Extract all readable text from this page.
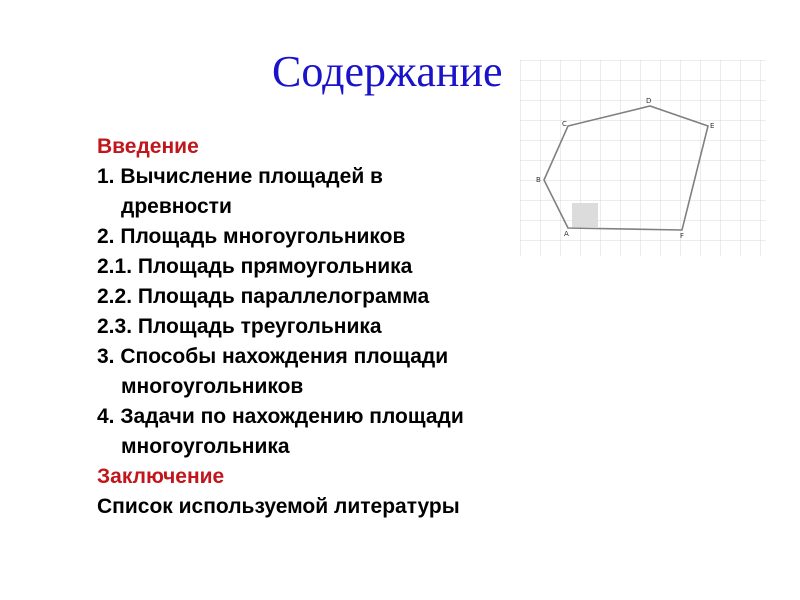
Содержание
Введение
1. Вычисление площадей в
древности
2. Площадь многоугольников
2.1. Площадь прямоугольника
2.2. Площадь параллелограмма
2.3. Площадь треугольника
3. Способы нахождения площади
многоугольников
4. Задачи по нахождению площади
многоугольника
Заключение
Список используемой литературы
A
B
C
D
E
F
